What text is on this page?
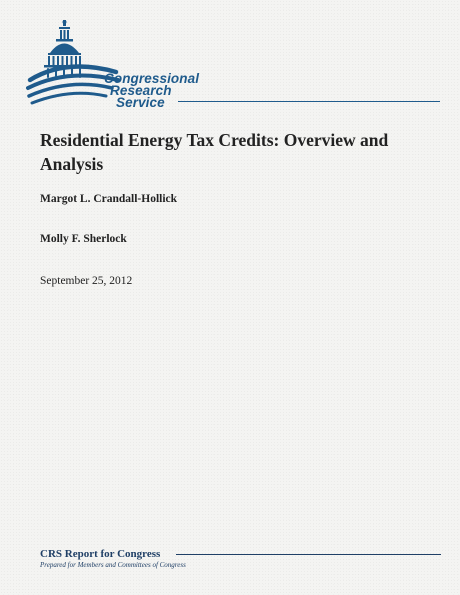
Congressional
Research
Service
Residential Energy Tax Credits: Overview and Analysis
Margot L. Crandall-Hollick
Molly F. Sherlock
September 25, 2012
CRS Report for Congress
Prepared for Members and Committees of Congress
